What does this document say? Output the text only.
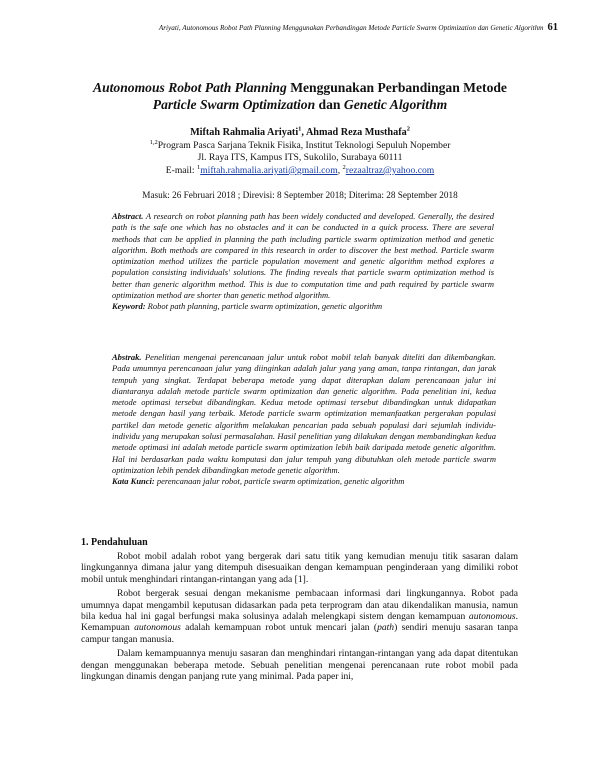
Ariyati, Autonomous Robot Path Planning Menggunakan Perbandingan Metode Particle Swarm Optimization dan Genetic Algorithm 61
Autonomous Robot Path Planning Menggunakan Perbandingan Metode
Particle Swarm Optimization dan Genetic Algorithm
Miftah Rahmalia Ariyati$^1$, Ahmad Reza Musthafa$^2$
$^{1,2}$Program Pasca Sarjana Teknik Fisika, Institut Teknologi Sepuluh Nopember
Jl. Raya ITS, Kampus ITS, Sukolilo, Surabaya 60111
E-mail: $^1$miftah.rahmalia.ariyati@gmail.com, $^2$rezaaltraz@yahoo.com
Masuk: 26 Februari 2018 ; Direvisi: 8 September 2018; Diterima: 28 September 2018
Abstract. A research on robot planning path has been widely conducted and developed. Generally, the desired path is the safe one which has no obstacles and it can be conducted in a quick process. There are several methods that can be applied in planning the path including particle swarm optimization method and genetic algorithm. Both methods are compared in this research in order to discover the best method. Particle swarm optimization method utilizes the particle population movement and genetic algorithm method explores a population consisting individuals' solutions. The finding reveals that particle swarm optimization method is better than generic algorithm method. This is due to computation time and path required by particle swarm optimization method are shorter than genetic method algorithm.
Keyword: Robot path planning, particle swarm optimization, genetic algorithm
Abstrak. Penelitian mengenai perencanaan jalur untuk robot mobil telah banyak diteliti dan dikembangkan. Pada umumnya perencanaan jalur yang diinginkan adalah jalur yang yang aman, tanpa rintangan, dan jarak tempuh yang singkat. Terdapat beberapa metode yang dapat diterapkan dalam perencanaan jalur ini diantaranya adalah metode particle swarm optimization dan genetic algorithm. Pada penelitian ini, kedua metode optimasi tersebut dibandingkan. Kedua metode optimasi tersebut dibandingkan untuk didapatkan metode dengan hasil yang terbaik. Metode particle swarm optimization memanfaatkan pergerakan populasi partikel dan metode genetic algorithm melakukan pencarian pada sebuah populasi dari sejumlah individu-individu yang merupakan solusi permasalahan. Hasil penelitian yang dilakukan dengan membandingkan kedua metode optimasi ini adalah metode particle swarm optimization lebih baik daripada metode genetic algorithm. Hal ini berdasarkan pada waktu komputasi dan jalur tempuh yang dibutuhkan oleh metode particle swarm optimization lebih pendek dibandingkan metode genetic algorithm.
Kata Kunci: perencanaan jalur robot, particle swarm optimization, genetic algorithm
1. Pendahuluan

Robot mobil adalah robot yang bergerak dari satu titik yang kemudian menuju titik sasaran dalam lingkungannya dimana jalur yang ditempuh disesuaikan dengan kemampuan penginderaan yang dimiliki robot mobil untuk menghindari rintangan-rintangan yang ada [1].

Robot bergerak sesuai dengan mekanisme pembacaan informasi dari lingkungannya. Robot pada umumnya dapat mengambil keputusan didasarkan pada peta terprogram dan atau dikendalikan manusia, namun bila kedua hal ini gagal berfungsi maka solusinya adalah melengkapi sistem dengan kemampuan autonomous. Kemampuan autonomous adalah kemampuan robot untuk mencari jalan (path) sendiri menuju sasaran tanpa campur tangan manusia.

Dalam kemampuannya menuju sasaran dan menghindari rintangan-rintangan yang ada dapat ditentukan dengan menggunakan beberapa metode. Sebuah penelitian mengenai perencanaan rute robot mobil pada lingkungan dinamis dengan panjang rute yang minimal. Pada paper ini,
